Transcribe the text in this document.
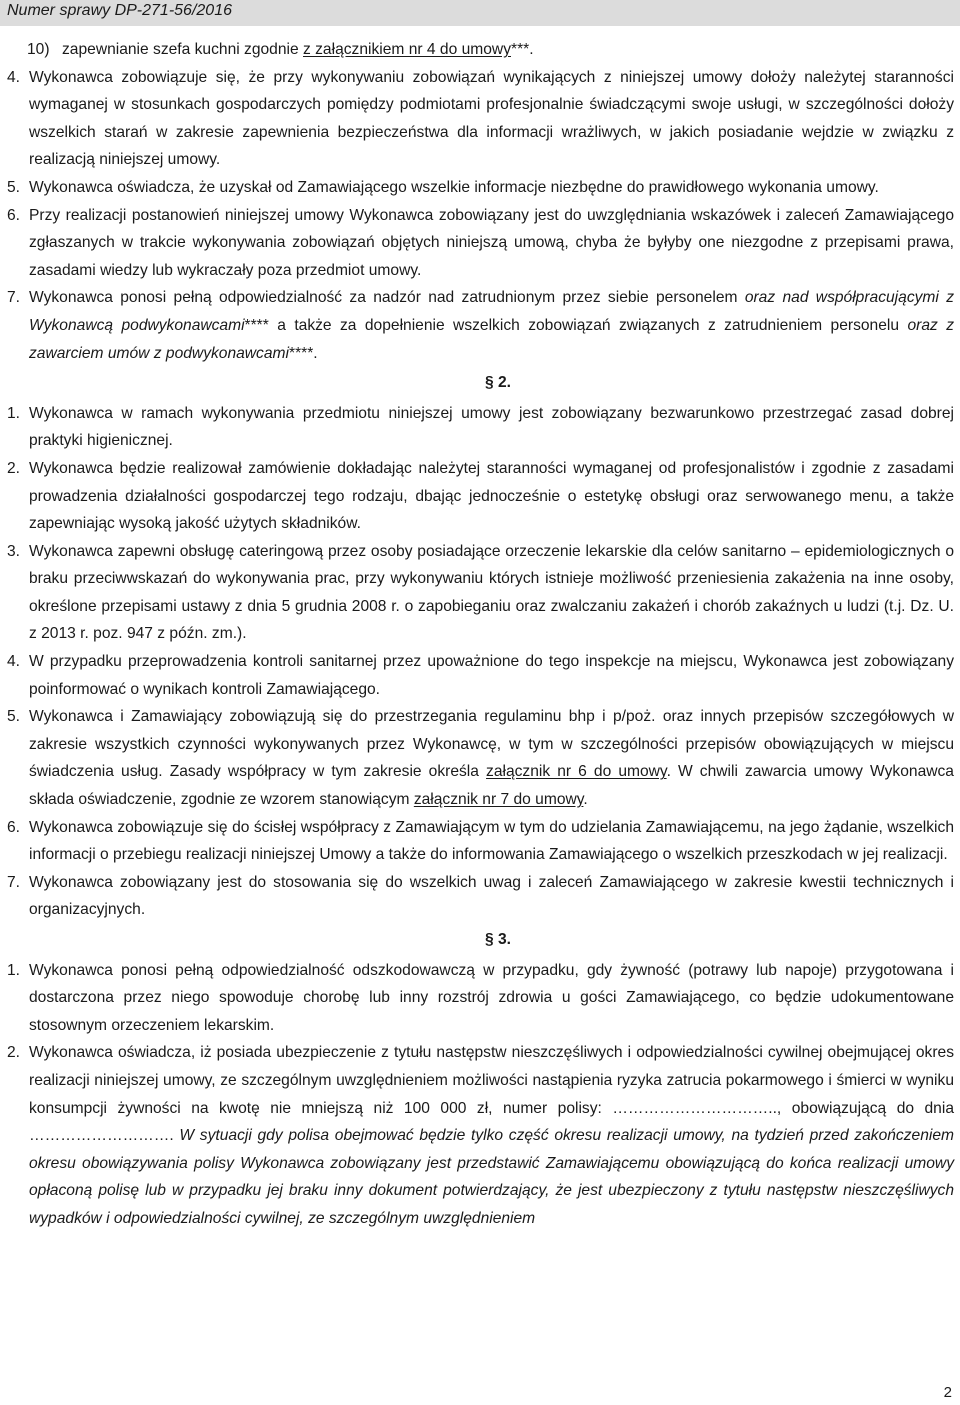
Numer sprawy DP-271-56/2016
10) zapewnianie szefa kuchni zgodnie z załącznikiem nr 4 do umowy***.
4. Wykonawca zobowiązuje się, że przy wykonywaniu zobowiązań wynikających z niniejszej umowy dołoży należytej staranności wymaganej w stosunkach gospodarczych pomiędzy podmiotami profesjonalnie świadczącymi swoje usługi, w szczególności dołoży wszelkich starań w zakresie zapewnienia bezpieczeństwa dla informacji wrażliwych, w jakich posiadanie wejdzie w związku z realizacją niniejszej umowy.
5. Wykonawca oświadcza, że uzyskał od Zamawiającego wszelkie informacje niezbędne do prawidłowego wykonania umowy.
6. Przy realizacji postanowień niniejszej umowy Wykonawca zobowiązany jest do uwzględniania wskazówek i zaleceń Zamawiającego zgłaszanych w trakcie wykonywania zobowiązań objętych niniejszą umową, chyba że byłyby one niezgodne z przepisami prawa, zasadami wiedzy lub wykraczały poza przedmiot umowy.
7. Wykonawca ponosi pełną odpowiedzialność za nadzór nad zatrudnionym przez siebie personelem oraz nad współpracującymi z Wykonawcą podwykonawcami**** a także za dopełnienie wszelkich zobowiązań związanych z zatrudnieniem personelu oraz z zawarciem umów z podwykonawcami****.
§ 2.
1. Wykonawca w ramach wykonywania przedmiotu niniejszej umowy jest zobowiązany bezwarunkowo przestrzegać zasad dobrej praktyki higienicznej.
2. Wykonawca będzie realizował zamówienie dokładając należytej staranności wymaganej od profesjonalistów i zgodnie z zasadami prowadzenia działalności gospodarczej tego rodzaju, dbając jednocześnie o estetykę obsługi oraz serwowanego menu, a także zapewniając wysoką jakość użytych składników.
3. Wykonawca zapewni obsługę cateringową przez osoby posiadające orzeczenie lekarskie dla celów sanitarno – epidemiologicznych o braku przeciwwskazań do wykonywania prac, przy wykonywaniu których istnieje możliwość przeniesienia zakażenia na inne osoby, określone przepisami ustawy z dnia 5 grudnia 2008 r. o zapobieganiu oraz zwalczaniu zakażeń i chorób zakaźnych u ludzi (t.j. Dz. U. z 2013 r. poz. 947 z późn. zm.).
4. W przypadku przeprowadzenia kontroli sanitarnej przez upoważnione do tego inspekcje na miejscu, Wykonawca jest zobowiązany poinformować o wynikach kontroli Zamawiającego.
5. Wykonawca i Zamawiający zobowiązują się do przestrzegania regulaminu bhp i p/poż. oraz innych przepisów szczegółowych w zakresie wszystkich czynności wykonywanych przez Wykonawcę, w tym w szczególności przepisów obowiązujących w miejscu świadczenia usług. Zasady współpracy w tym zakresie określa załącznik nr 6 do umowy. W chwili zawarcia umowy Wykonawca składa oświadczenie, zgodnie ze wzorem stanowiącym załącznik nr 7 do umowy.
6. Wykonawca zobowiązuje się do ścisłej współpracy z Zamawiającym w tym do udzielania Zamawiającemu, na jego żądanie, wszelkich informacji o przebiegu realizacji niniejszej Umowy a także do informowania Zamawiającego o wszelkich przeszkodach w jej realizacji.
7. Wykonawca zobowiązany jest do stosowania się do wszelkich uwag i zaleceń Zamawiającego w zakresie kwestii technicznych i organizacyjnych.
§ 3.
1. Wykonawca ponosi pełną odpowiedzialność odszkodowawczą w przypadku, gdy żywność (potrawy lub napoje) przygotowana i dostarczona przez niego spowoduje chorobę lub inny rozstrój zdrowia u gości Zamawiającego, co będzie udokumentowane stosownym orzeczeniem lekarskim.
2. Wykonawca oświadcza, iż posiada ubezpieczenie z tytułu następstw nieszczęśliwych i odpowiedzialności cywilnej obejmującej okres realizacji niniejszej umowy, ze szczególnym uwzględnieniem możliwości nastąpienia ryzyka zatrucia pokarmowego i śmierci w wyniku konsumpcji żywności na kwotę nie mniejszą niż 100 000 zł, numer polisy: ………………………….., obowiązującą do dnia ………………………. W sytuacji gdy polisa obejmować będzie tylko część okresu realizacji umowy, na tydzień przed zakończeniem okresu obowiązywania polisy Wykonawca zobowiązany jest przedstawić Zamawiającemu obowiązującą do końca realizacji umowy opłaconą polisę lub w przypadku jej braku inny dokument potwierdzający, że jest ubezpieczony z tytułu następstw nieszczęśliwych wypadków i odpowiedzialności cywilnej, ze szczególnym uwzględnieniem
2
